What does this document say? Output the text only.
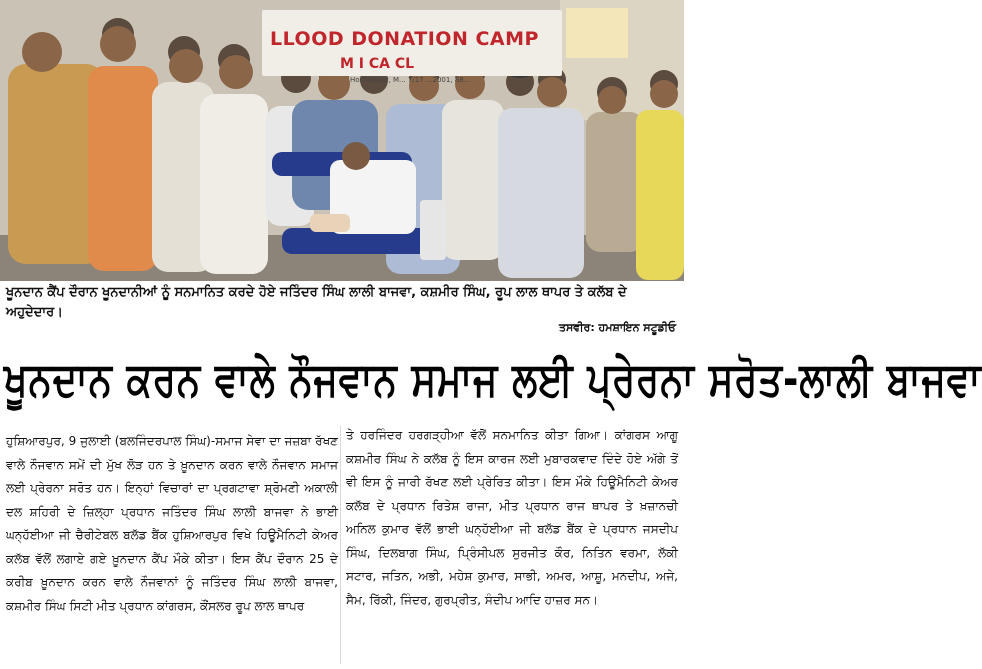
LLOOD DONATION CAMP
M I CA CL
Hoshiarpur, M... 7/17 ...2001, 88...
ਖੂਨਦਾਨ ਕੈਂਪ ਦੌਰਾਨ ਖੂਨਦਾਨੀਆਂ ਨੂੰ ਸਨਮਾਨਿਤ ਕਰਦੇ ਹੋਏ ਜਤਿੰਦਰ ਸਿੰਘ ਲਾਲੀ ਬਾਜਵਾ, ਕਸ਼ਮੀਰ ਸਿੰਘ, ਰੂਪ ਲਾਲ ਥਾਪਰ ਤੇ ਕਲੱਬ ਦੇ ਅਹੁਦੇਦਾਰ।
ਤਸਵੀਰ: ਹਮਸ਼ਾਇਨ ਸਟੂਡੀਓ
ਖੂਨਦਾਨ ਕਰਨ ਵਾਲੇ ਨੌਜਵਾਨ ਸਮਾਜ ਲਈ ਪ੍ਰੇਰਨਾ ਸਰੋਤ-ਲਾਲੀ ਬਾਜਵਾ
ਹੁਸ਼ਿਆਰਪੁਰ, 9 ਜੁਲਾਈ (ਬਲਜਿੰਦਰਪਾਲ ਸਿੰਘ)-ਸਮਾਜ ਸੇਵਾ ਦਾ ਜਜ਼ਬਾ ਰੱਖਣ ਵਾਲੇ ਨੌਜਵਾਨ ਸਮੇਂ ਦੀ ਮੁੱਖ ਲੋੜ ਹਨ ਤੇ ਖ਼ੂਨਦਾਨ ਕਰਨ ਵਾਲੇ ਨੌਜਵਾਨ ਸਮਾਜ ਲਈ ਪ੍ਰੇਰਨਾ ਸਰੋਤ ਹਨ। ਇਨ੍ਹਾਂ ਵਿਚਾਰਾਂ ਦਾ ਪ੍ਰਗਟਾਵਾ ਸ਼੍ਰੋਮਣੀ ਅਕਾਲੀ ਦਲ ਸ਼ਹਿਰੀ ਦੇ ਜ਼ਿਲ੍ਹਾ ਪ੍ਰਧਾਨ ਜਤਿੰਦਰ ਸਿੰਘ ਲਾਲੀ ਬਾਜਵਾ ਨੇ ਭਾਈ ਘਨ੍ਹੱਈਆ ਜੀ ਚੈਰੀਟੇਬਲ ਬਲੱਡ ਬੈਂਕ ਹੁਸ਼ਿਆਰਪੁਰ ਵਿਖੇ ਹਿਊਮੈਨਿਟੀ ਕੇਅਰ ਕਲੱਬ ਵੱਲੋਂ ਲਗਾਏ ਗਏ ਖ਼ੂਨਦਾਨ ਕੈਂਪ ਮੌਕੇ ਕੀਤਾ। ਇਸ ਕੈਂਪ ਦੌਰਾਨ 25 ਦੇ ਕਰੀਬ ਖ਼ੂਨਦਾਨ ਕਰਨ ਵਾਲੇ ਨੌਜਵਾਨਾਂ ਨੂੰ ਜਤਿੰਦਰ ਸਿੰਘ ਲਾਲੀ ਬਾਜਵਾ, ਕਸ਼ਮੀਰ ਸਿੰਘ ਸਿਟੀ ਮੀਤ ਪ੍ਰਧਾਨ ਕਾਂਗਰਸ, ਕੌਂਸਲਰ ਰੂਪ ਲਾਲ ਥਾਪਰ
ਤੇ ਹਰਜਿੰਦਰ ਹਰਗੜ੍ਹੀਆ ਵੱਲੋਂ ਸਨਮਾਨਿਤ ਕੀਤਾ ਗਿਆ। ਕਾਂਗਰਸ ਆਗੂ ਕਸ਼ਮੀਰ ਸਿੰਘ ਨੇ ਕਲੱਬ ਨੂੰ ਇਸ ਕਾਰਜ ਲਈ ਮੁਬਾਰਕਵਾਦ ਦਿੰਦੇ ਹੋਏ ਅੱਗੇ ਤੋਂ ਵੀ ਇਸ ਨੂੰ ਜਾਰੀ ਰੱਖਣ ਲਈ ਪ੍ਰੇਰਿਤ ਕੀਤਾ। ਇਸ ਮੌਕੇ ਹਿਊਮੈਨਿਟੀ ਕੇਅਰ ਕਲੱਬ ਦੇ ਪ੍ਰਧਾਨ ਰਿਤੇਸ਼ ਰਾਜਾ, ਮੀਤ ਪ੍ਰਧਾਨ ਰਾਜ ਥਾਪਰ ਤੇ ਖ਼ਜ਼ਾਨਚੀ ਅਨਿਲ ਕੁਮਾਰ ਵੱਲੋਂ ਭਾਈ ਘਨ੍ਹੱਈਆ ਜੀ ਬਲੱਡ ਬੈਂਕ ਦੇ ਪ੍ਰਧਾਨ ਜਸਦੀਪ ਸਿੰਘ, ਦਿਲਬਾਗ ਸਿੰਘ, ਪ੍ਰਿੰਸੀਪਲ ਸੁਰਜੀਤ ਕੌਰ, ਨਿਤਿਨ ਵਰਮਾ, ਲੱਕੀ ਸਟਾਰ, ਜਤਿਨ, ਅਭੀ, ਮਹੇਸ਼ ਕੁਮਾਰ, ਸਾਭੀ, ਅਮਰ, ਆਸ਼ੂ, ਮਨਦੀਪ, ਅਜੇ, ਸੈਮ, ਰਿੱਕੀ, ਜਿੰਦਰ, ਗੁਰਪ੍ਰੀਤ, ਸੰਦੀਪ ਆਦਿ ਹਾਜ਼ਰ ਸਨ।
